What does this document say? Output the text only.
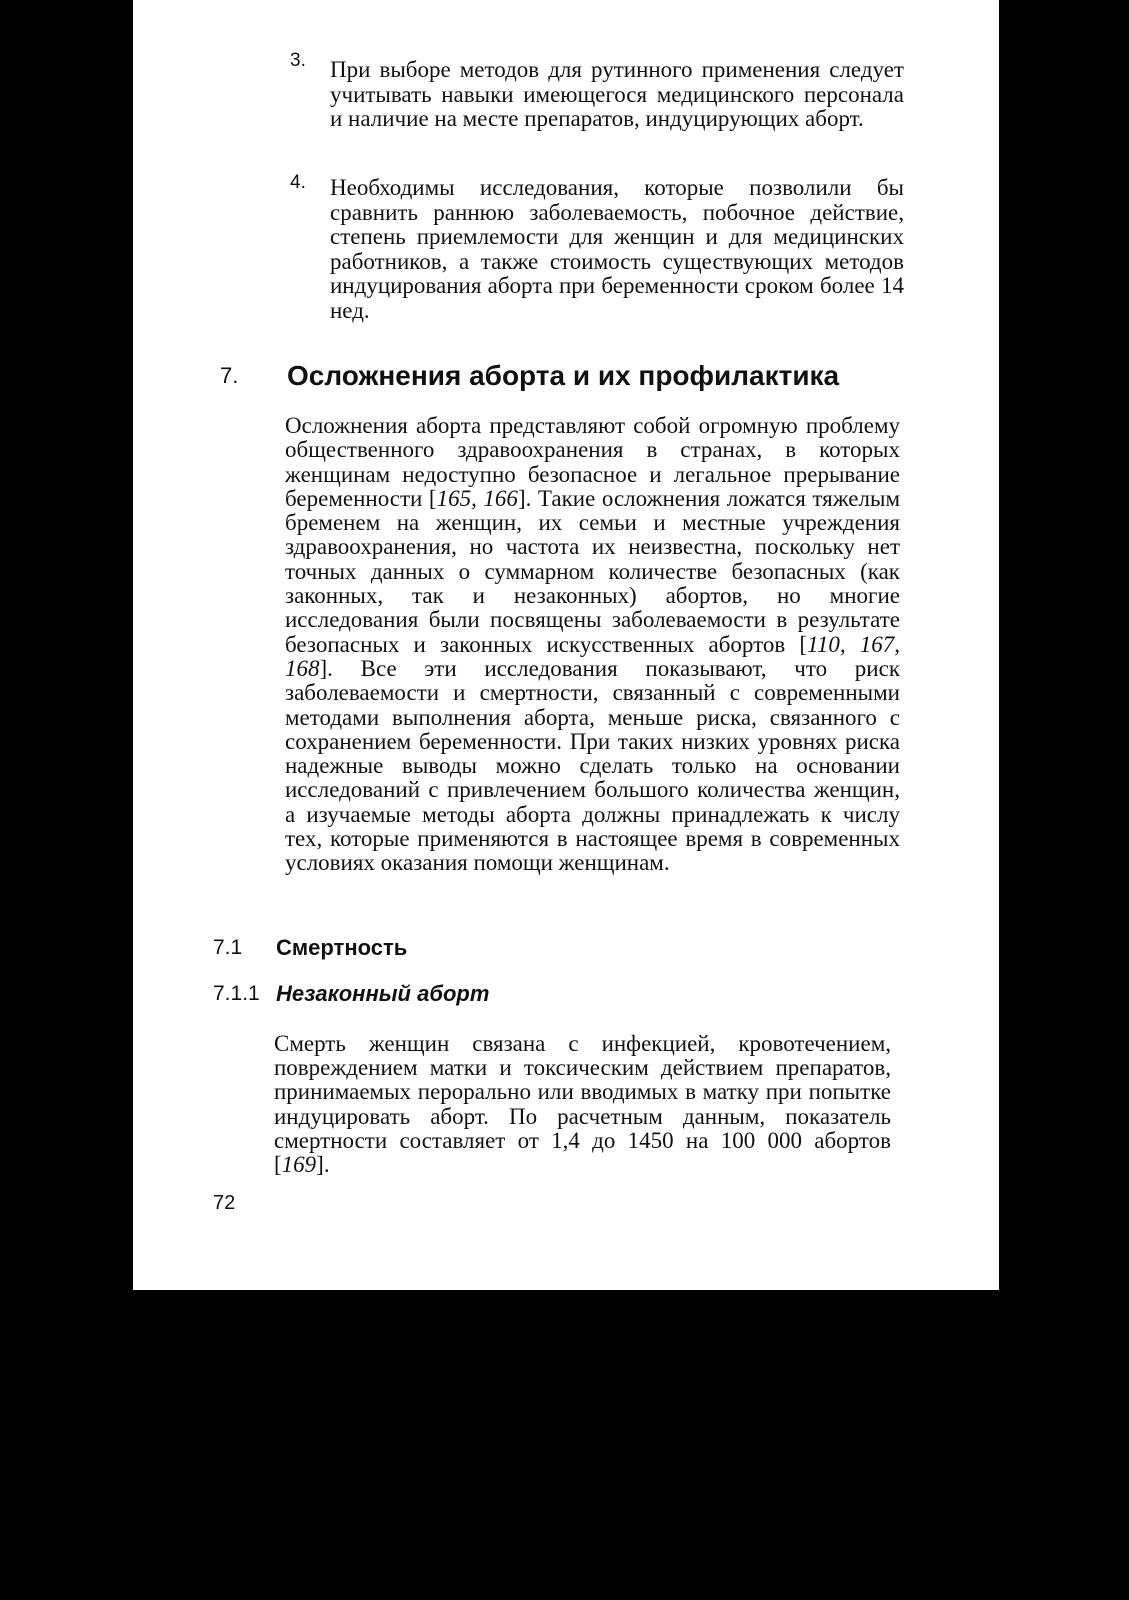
3. При выборе методов для рутинного применения следует учитывать навыки имеющегося медицинского персонала и наличие на месте препаратов, индуцирующих аборт.
4. Необходимы исследования, которые позволили бы сравнить раннюю заболеваемость, побочное действие, степень приемлемости для женщин и для медицинских работников, а также стоимость существующих методов индуцирования аборта при беременности сроком более 14 нед.
7. Осложнения аборта и их профилактика
Осложнения аборта представляют собой огромную проблему общественного здравоохранения в странах, в которых женщинам недоступно безопасное и легальное прерывание беременности [165, 166]. Такие осложнения ложатся тяжелым бременем на женщин, их семьи и местные учреждения здравоохранения, но частота их неизвестна, поскольку нет точных данных о суммарном количестве безопасных (как законных, так и незаконных) абортов, но многие исследования были посвящены заболеваемости в результате безопасных и законных искусственных абортов [110, 167, 168]. Все эти исследования показывают, что риск заболеваемости и смертности, связанный с современными методами выполнения аборта, меньше риска, связанного с сохранением беременности. При таких низких уровнях риска надежные выводы можно сделать только на основании исследований с привлечением большого количества женщин, а изучаемые методы аборта должны принадлежать к числу тех, которые применяются в настоящее время в современных условиях оказания помощи женщинам.
7.1 Смертность
7.1.1 Незаконный аборт
Смерть женщин связана с инфекцией, кровотечением, повреждением матки и токсическим действием препаратов, принимаемых перорально или вводимых в матку при попытке индуцировать аборт. По расчетным данным, показатель смертности составляет от 1,4 до 1450 на 100 000 абортов [169].
72
